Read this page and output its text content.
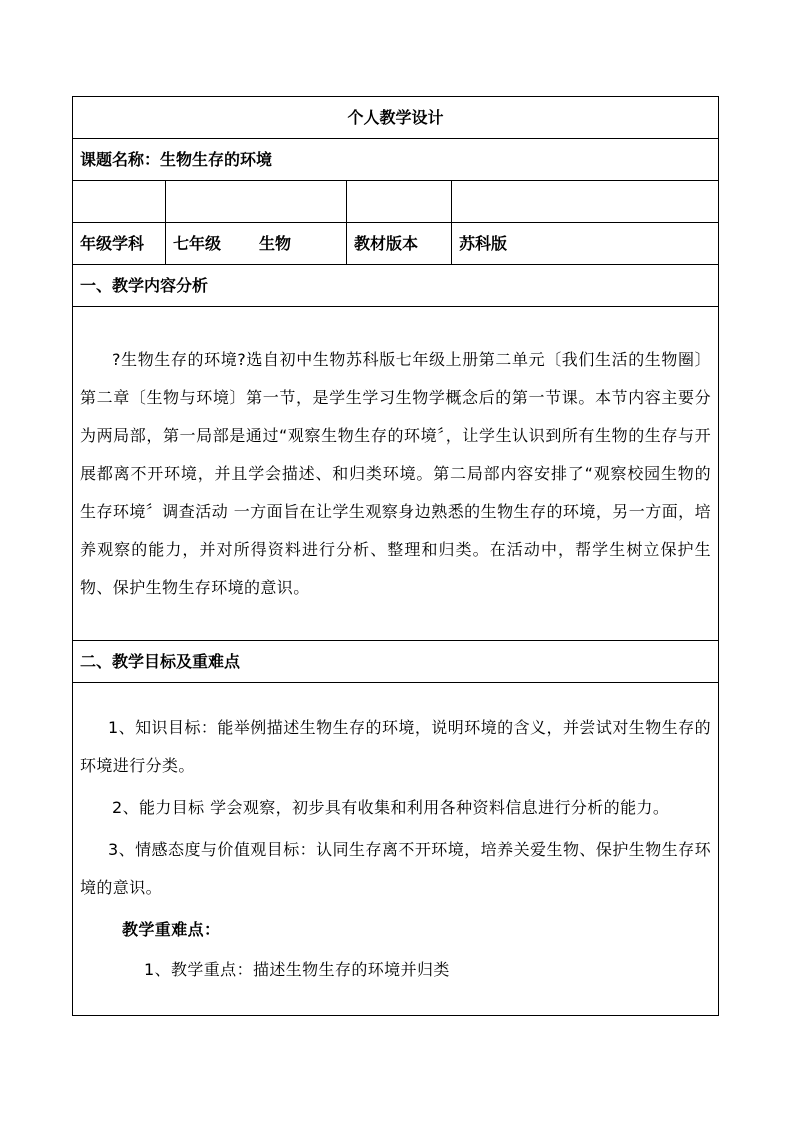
个人教学设计			
课题名称：生物生存的环境			

年级学科	七年级 生物	教材版本	苏科版
一、教学内容分析			

?生物生存的环境?选自初中生物苏科版七年级上册第二单元〔我们生活的生物圈〕第二章〔生物与环境〕第一节，是学生学习生物学概念后的第一节课。本节内容主要分为两局部，第一局部是通过“观察生物生存的环境〞，让学生认识到所有生物的生存与开展都离不开环境，并且学会描述、和归类环境。第二局部内容安排了“观察校园生物的生存环境〞调查活动 一方面旨在让学生观察身边熟悉的生物生存的环境，另一方面，培养观察的能力，并对所得资料进行分析、整理和归类。在活动中，帮学生树立保护生物、保护生物生存环境的意识。			

二、教学目标及重难点			

1、知识目标：能举例描述生物生存的环境，说明环境的含义，并尝试对生物生存的环境进行分类。

2、能力目标 学会观察，初步具有收集和利用各种资料信息进行分析的能力。

3、情感态度与价值观目标：认同生存离不开环境，培养关爱生物、保护生物生存环境的意识。

教学重难点：

1、教学重点：描述生物生存的环境并归类			
